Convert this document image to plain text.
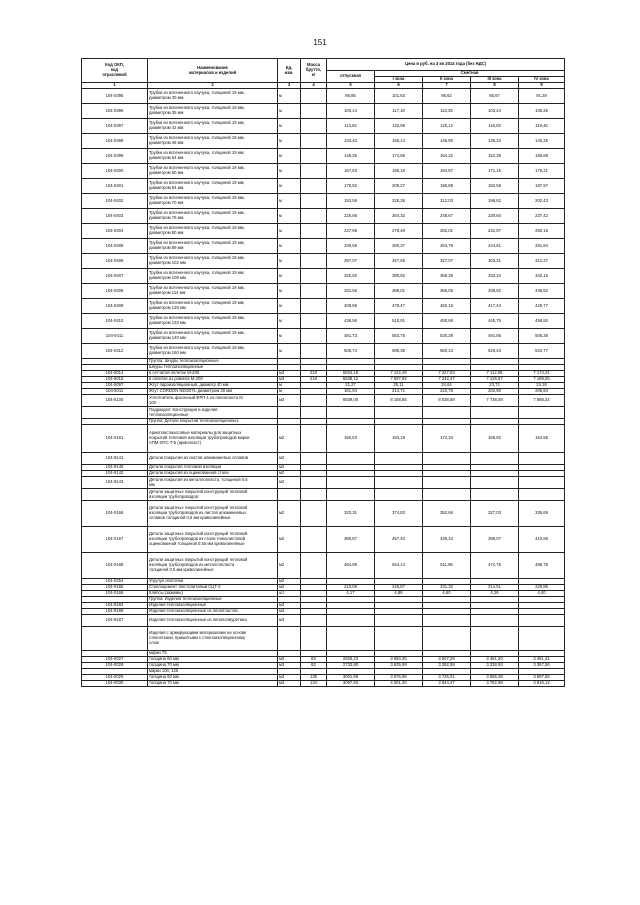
151
Код ОКП,
код
отраслевой	Наименование
материалов и изделий	Ед.
изм.	Масса
брутто,
кг	Цена в руб. на 3 кв 2014 года (без НДС)				
				отпускная	Сметная			
					I зона	II зона	III зона	IV зона
1	2	3	4	5	6	7	8	9

104-0395	Трубки из вспененного каучука, толщиной 19 мм,
диаметром 30 мм	м		86,85	101,63	95,62	85,67	91,29

104-0396	Трубки из вспененного каучука, толщиной 19 мм,
диаметром 35 мм	м		100,14	117,18	110,25	102,24	105,26

104-0397	Трубки из вспененного каучука, толщиной 19 мм,
диаметром 42 мм	м		113,64	132,99	125,12	116,03	119,46

104-0398	Трубки из вспененного каучука, толщиной 19 мм,
диаметром 48 мм	м		133,42	156,14	146,90	136,22	140,25

104-0399	Трубки из вспененного каучука, толщиной 19 мм,
диаметром 54 мм	м		149,25	174,66	164,32	152,38	156,89

104-0400	Трубки из вспененного каучука, толщиной 19 мм,
диаметром 60 мм	м		167,63	196,18	184,57	171,15	176,21

104-0401	Трубки из вспененного каучука, толщиной 19 мм,
диаметром 64 мм	м		178,62	209,27	196,88	182,58	187,97

104-0402	Трубки из вспененного каучука, толщиной 19 мм,
диаметром 70 мм	м		192,58	225,36	212,03	196,62	202,43

104-0403	Трубки из вспененного каучука, толщиной 19 мм,
диаметром 76 мм	м		225,66	264,32	248,67	230,60	237,42

104-0404	Трубки из вспененного каучука, толщиной 19 мм,
диаметром 80 мм	м		237,98	278,49	262,01	242,97	250,15

104-0405	Трубки из вспененного каучука, толщиной 19 мм,
диаметром 89 мм	м		239,59	280,37	263,79	244,61	251,84

104-0406	Трубки из вспененного каучука, толщиной 19 мм,
диаметром 102 мм	м		297,07	347,65	327,07	303,31	312,27

104-0407	Трубки из вспененного каучука, толщиной 19 мм,
диаметром 108 мм	м		325,50	380,92	358,38	332,34	342,16

104-0408	Трубки из вспененного каучука, толщиной 19 мм,
диаметром 114 мм	м		331,56	388,01	365,05	338,52	348,52

104-0409	Трубки из вспененного каучука, толщиной 19 мм,
диаметром 125 мм	м		408,86	478,47	450,15	417,44	429,77

104-0410	Трубки из вспененного каучука, толщиной 19 мм,
диаметром 133 мм	м		436,56	510,91	480,68	445,75	458,92

104-0411	Трубки из вспененного каучука, толщиной 19 мм,
диаметром 140 мм	м		481,73	563,75	530,39	491,85	506,38

104-0412	Трубки из вспененного каучука, толщиной 19 мм,
диаметром 160 мм	м		508,74	595,36	560,13	519,43	534,77

	Группа: Шнуры теплоизоляционные							

	Шнуры теплоизоляционные							

104-5014	в сетчатой оплетке М-200	м3	218	5824,18	7 122,49	7 227,63	7 112,05	7 174,31

104-5015	в оплетке из ровинга М-200	м3	218	5838,12	7 597,92	7 242,47	7 126,67	7 189,05

104-5097	Жгут пароизоляционный, диаметр 40 мм	м		21,27	25,11	24,64	23,72	24,18

104-5011	Жгут CORDON NEODYL диаметром 30 мм	м		181,94	214,71	210,78	202,90	206,84

104-5100	Уплотнитель фасонный ФРП-1 из пенопласта М
100	м3		6939,00	8 158,85	8 038,59	7 738,08	7 888,34

	Подраздел: Конструкции и изделия
теплоизоляционные							

	Группа: Детали покрытий теплоизоляционных							

104-0161	Армопластмассовые материалы для защитных
покрытий тепловой изоляции трубопроводов марки
АПМ-ХПС-Т-5 (армопласт)	м2		150,53	183,19	172,34	159,82	164,55

104-9141	Детали покрытия из листов алюминиевых сплавов	м2						

104-9140	Детали покрытия тепловой изоляции	м2						

104-9142	Детали покрытия из оцинкованной стали	м2						

104-9143	Детали покрытия из металлопласта, толщиной 0,5
мм	м2						

	Детали защитных покрытий конструкций тепловой
изоляции трубопроводов:							

104-0166	Детали защитных покрытий конструкций тепловой
изоляции трубопроводов из листов алюминиевых
сплавов толщиной 0,5 мм криволинейные	м2		320,31	374,83	352,66	327,03	336,69

104-0167	Детали защитных покрытий конструкций тепловой
изоляции трубопроводов из стали тонколистовой
оцинкованной толщиной 0,55 мм криволинейные	м2		390,87	457,40	430,34	399,07	410,86

104-0168	Детали защитных покрытий конструкций тепловой
изоляции трубопроводов из металлопласта
толщиной 0,5 мм криволинейные	м2		464,99	544,14	511,95	474,75	488,78

104-0254	Угрулуя оболочки	м2						

104-0155	Стеклоцемент текстолитовый СЦТ-2	м2		210,09	245,87	231,32	214,51	220,85

104-0166	Кляпсы (зажимы)	шт.		4,17	4,88	4,60	4,26	4,40

	Группа: Изделия теплоизоляционные							

104-9183	Изделия теплоизоляционные	м3						

104-9188	Изделия теплоизоляционные из пенопластов	м3						

104-9187	Изделия теплоизоляционные из пенополиуретана	м3						

	Изделия с армирующими материалами на основе
стеклоткани, пришитыми к стеклоизоляционному
слою							

	марки 75							

104-0027	толщина 60 мм	м3	83	2926,23	3 650,35	3 507,29	3 451,20	3 481,41

104-0028	толщина 70 мм	м3	82	2733,80	3 535,99	3 392,58	3 338,93	3 367,56

	марки 100, 125							

104-0029	толщина 60 мм	м3	135	3001,69	3 876,99	3 725,01	3 665,48	3 697,55

104-0030	толщина 70 мм	м3	134	3097,93	4 001,30	3 844,47	3 782,98	3 816,12
